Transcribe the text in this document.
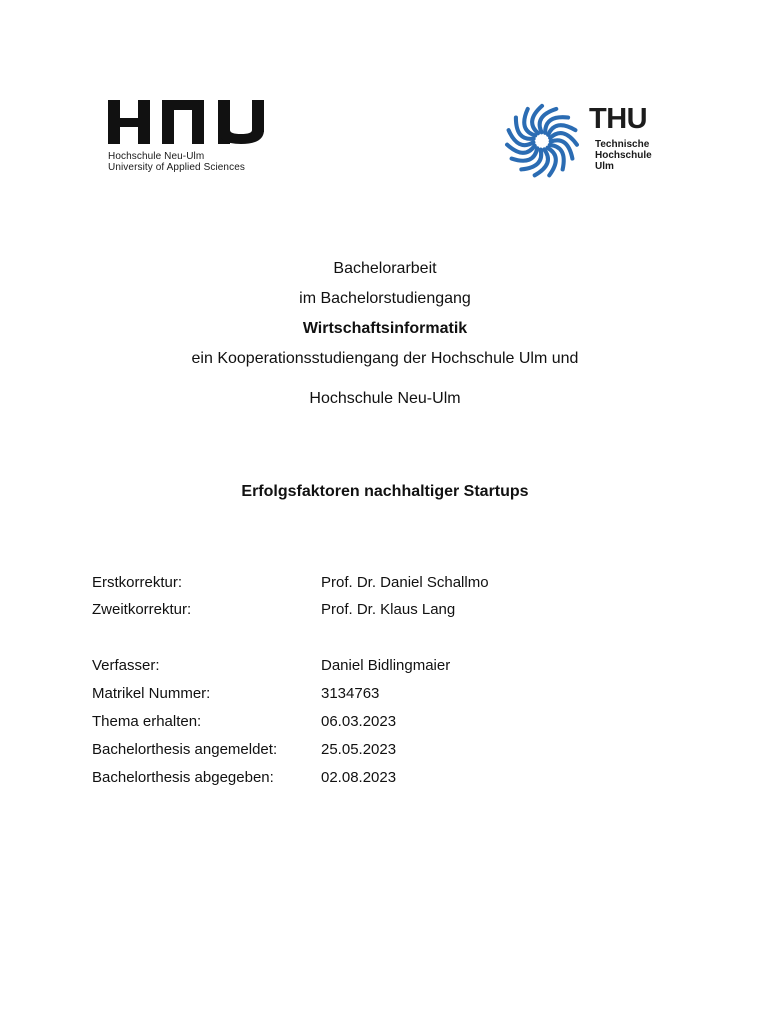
Hochschule Neu-Ulm
University of Applied Sciences
THU
Technische
Hochschule
Ulm
Bachelorarbeit
im Bachelorstudiengang
Wirtschaftsinformatik
ein Kooperationsstudiengang der Hochschule Ulm und
Hochschule Neu-Ulm
Erfolgsfaktoren nachhaltiger Startups
Erstkorrektur:	Prof. Dr. Daniel Schallmo
Zweitkorrektur:	Prof. Dr. Klaus Lang
Verfasser:	Daniel Bidlingmaier
Matrikel Nummer:	3134763
Thema erhalten:	06.03.2023
Bachelorthesis angemeldet:	25.05.2023
Bachelorthesis abgegeben:	02.08.2023
